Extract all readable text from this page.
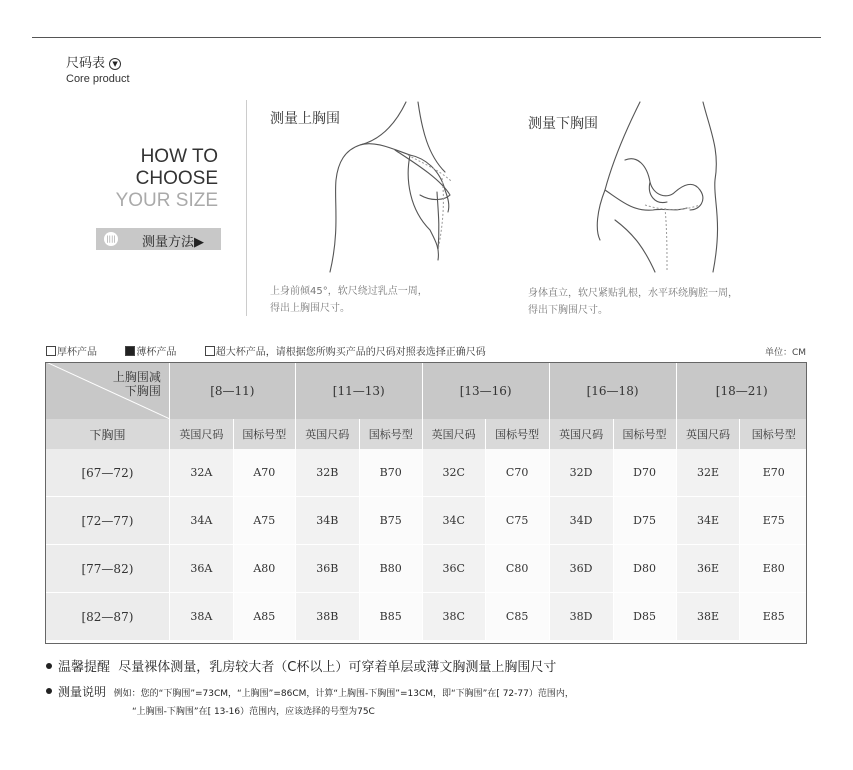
尺码表 ▼
Core product
HOW TO
CHOOSE
YOUR SIZE
|||| 测量方法▶
测量上胸围
上身前倾45°，软尺绕过乳点一周，
得出上胸围尺寸。
测量下胸围
身体直立，软尺紧贴乳根，水平环绕胸腔一周，
得出下胸围尺寸。
厚杯产品	薄杯产品	超大杯产品，请根据您所购买产品的尺码对照表选择正确尺码	单位：CM
上胸围减
下胸围	[8—11)		[11—13)		[13—16)		[16—18)		[18—21)	
下胸围	英国尺码	国标号型	英国尺码	国标号型	英国尺码	国标号型	英国尺码	国标号型	英国尺码	国标号型
[67—72)	32A	A70	32B	B70	32C	C70	32D	D70	32E	E70
[72—77)	34A	A75	34B	B75	34C	C75	34D	D75	34E	E75
[77—82)	36A	A80	36B	B80	36C	C80	36D	D80	36E	E80
[82—87)	38A	A85	38B	B85	38C	C85	38D	D85	38E	E85
温馨提醒 尽量裸体测量，乳房较大者（C杯以上）可穿着单层或薄文胸测量上胸围尺寸
测量说明 例如：您的“下胸围”=73CM，“上胸围”=86CM，计算“上胸围-下胸围”=13CM，即“下胸围”在[ 72-77）范围内，
“上胸围-下胸围”在[ 13-16）范围内，应该选择的号型为75C
